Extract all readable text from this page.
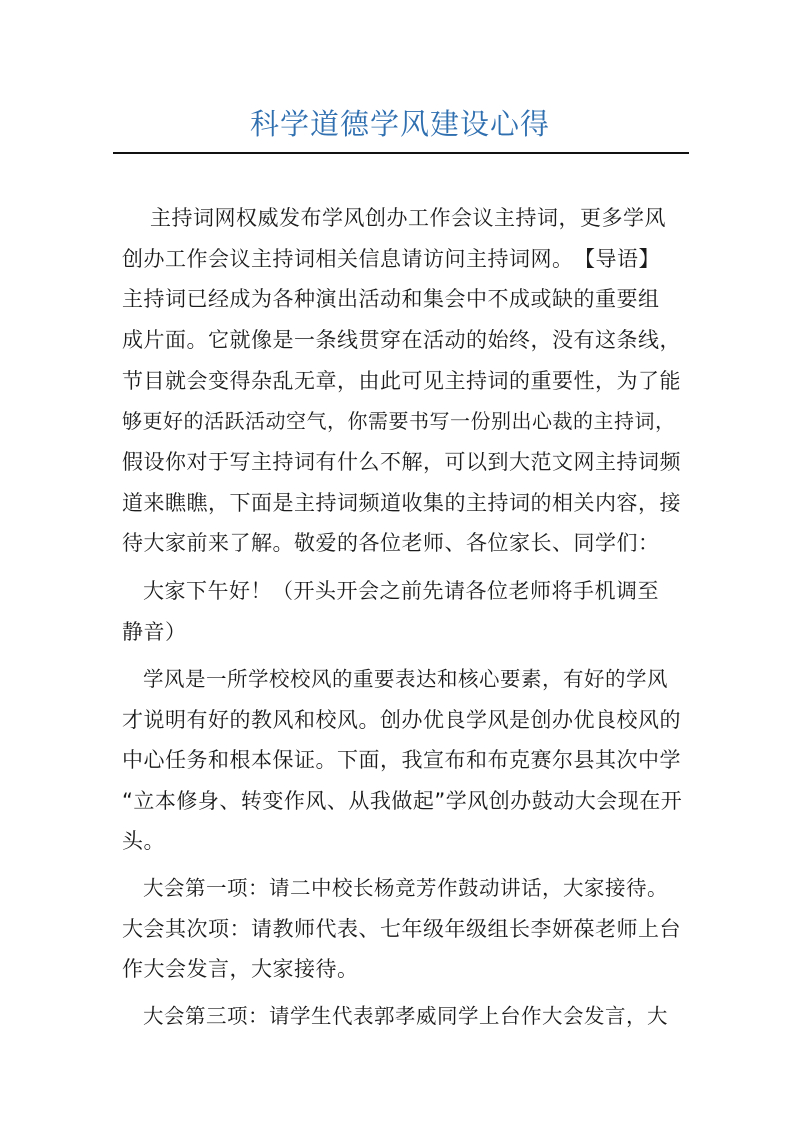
科学道德学风建设心得
主持词网权威发布学风创办工作会议主持词，更多学风
创办工作会议主持词相关信息请访问主持词网。　【导语】
主持词已经成为各种演出活动和集会中不成或缺的重要组
成片面。它就像是一条线贯穿在活动的始终，没有这条线，
节目就会变得杂乱无章，由此可见主持词的重要性，为了能
够更好的活跃活动空气，你需要书写一份别出心裁的主持词，
假设你对于写主持词有什么不解，可以到大范文网主持词频
道来瞧瞧，下面是主持词频道收集的主持词的相关内容，接
待大家前来了解。敬爱的各位老师、各位家长、同学们：
大家下午好！（开头开会之前先请各位老师将手机调至
静音）
学风是一所学校校风的重要表达和核心要素，有好的学风
才说明有好的教风和校风。创办优良学风是创办优良校风的
中心任务和根本保证。下面，我宣布和布克赛尔县其次中学
“立本修身、转变作风、从我做起”学风创办鼓动大会现在开
头。
大会第一项：请二中校长杨竞芳作鼓动讲话，大家接待。
大会其次项：请教师代表、七年级年级组长李妍葆老师上台
作大会发言，大家接待。
大会第三项：请学生代表郭孝威同学上台作大会发言，大
